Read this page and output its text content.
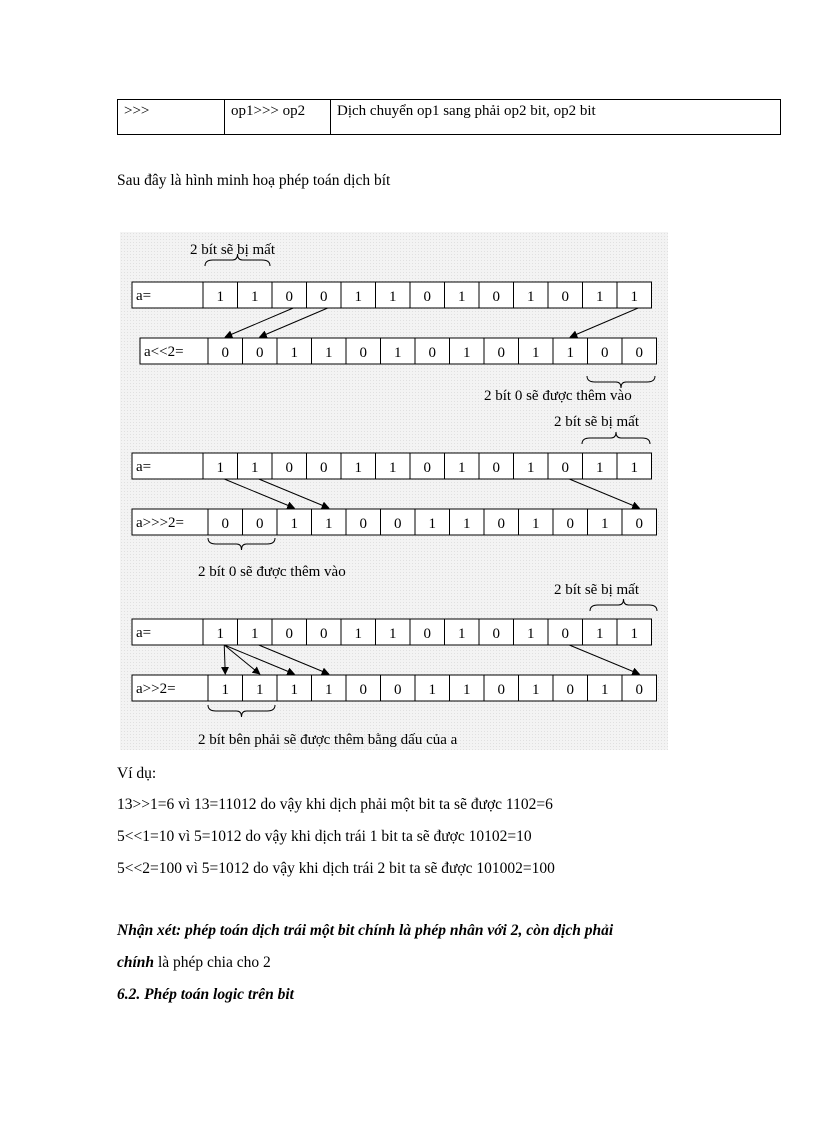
>>>	op1>>> op2	Dịch chuyển op1 sang phải op2 bit, op2 bit
Sau đây là hình minh hoạ phép toán dịch bít
a=	1 1 0 0 1 1 0 1 0 1 0 1 1
a<<2=	0 0 1 1 0 1 0 1 0 1 1 0 0
2 bít sẽ bị mất
2 bít 0 sẽ được thêm vào
a=	1 1 0 0 1 1 0 1 0 1 0 1 1
a>>>2=	0 0 1 1 0 0 1 1 0 1 0 1 0
2 bít sẽ bị mất
2 bít 0 sẽ được thêm vào
a=	1 1 0 0 1 1 0 1 0 1 0 1 1
a>>2=	1 1 1 1 0 0 1 1 0 1 0 1 0
2 bít sẽ bị mất
2 bít bên phải sẽ được thêm bằng dấu của a
Ví dụ:
13>>1=6 vì 13=11012 do vậy khi dịch phải một bit ta sẽ được 1102=6
5<<1=10 vì 5=1012 do vậy khi dịch trái 1 bit ta sẽ được 10102=10
5<<2=100 vì 5=1012 do vậy khi dịch trái 2 bit ta sẽ được 101002=100
Nhận xét: phép toán dịch trái một bit chính là phép nhân với 2, còn dịch phải
chính là phép chia cho 2
6.2. Phép toán logic trên bit
